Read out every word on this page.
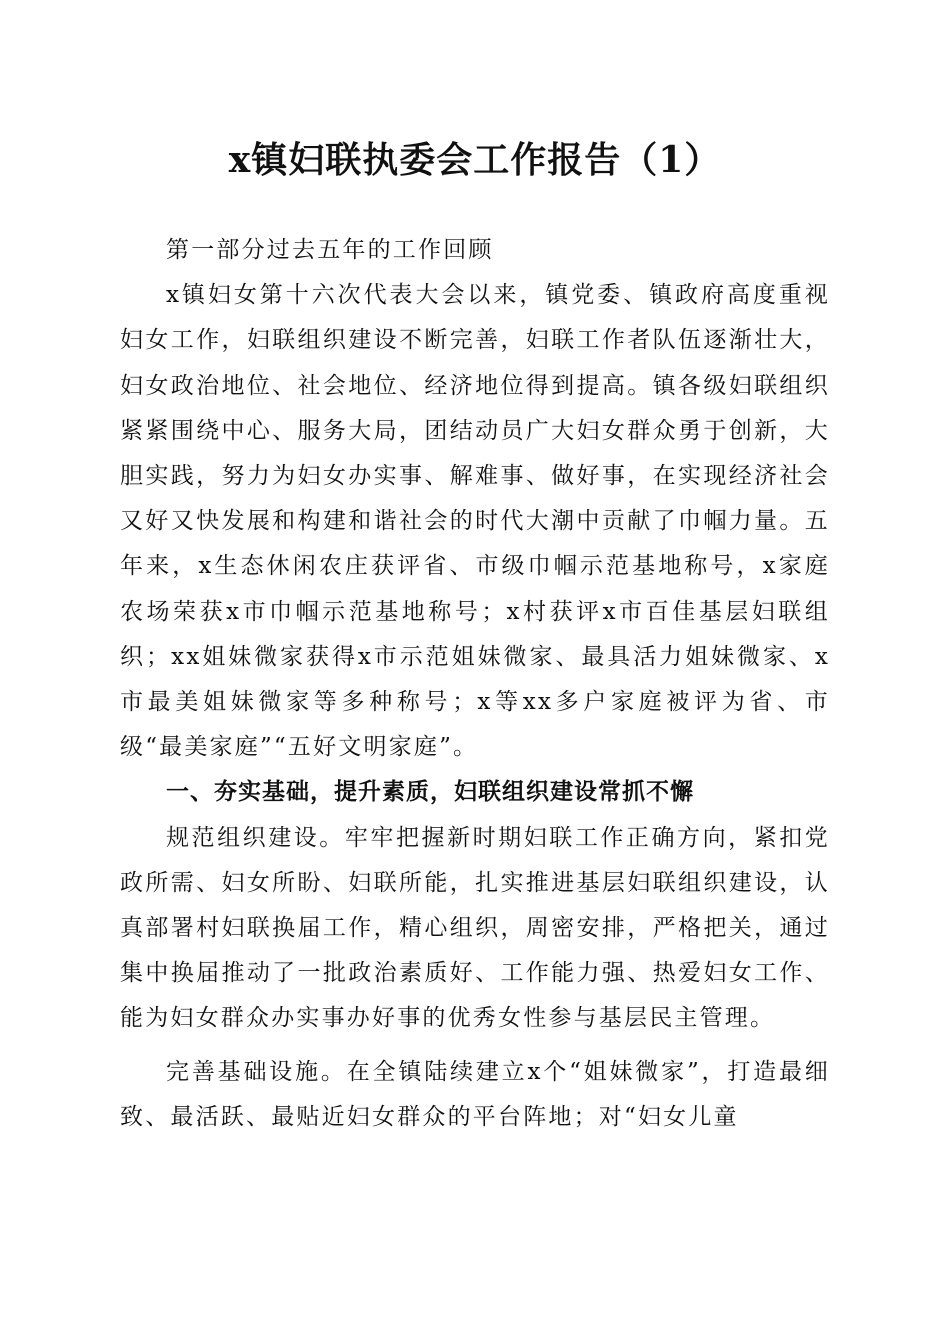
x镇妇联执委会工作报告（1）

第一部分过去五年的工作回顾

x镇妇女第十六次代表大会以来，镇党委、镇政府高度重视妇女工作，妇联组织建设不断完善，妇联工作者队伍逐渐壮大，妇女政治地位、社会地位、经济地位得到提高。镇各级妇联组织紧紧围绕中心、服务大局，团结动员广大妇女群众勇于创新，大胆实践，努力为妇女办实事、解难事、做好事，在实现经济社会又好又快发展和构建和谐社会的时代大潮中贡献了巾帼力量。五年来，x生态休闲农庄获评省、市级巾帼示范基地称号，x家庭农场荣获x市巾帼示范基地称号；x村获评x市百佳基层妇联组织；xx姐妹微家获得x市示范姐妹微家、最具活力姐妹微家、x市最美姐妹微家等多种称号；x等xx多户家庭被评为省、市级“最美家庭”“五好文明家庭”。

一、夯实基础，提升素质，妇联组织建设常抓不懈

规范组织建设。牢牢把握新时期妇联工作正确方向，紧扣党政所需、妇女所盼、妇联所能，扎实推进基层妇联组织建设，认真部署村妇联换届工作，精心组织，周密安排，严格把关，通过集中换届推动了一批政治素质好、工作能力强、热爱妇女工作、能为妇女群众办实事办好事的优秀女性参与基层民主管理。

完善基础设施。在全镇陆续建立x个“姐妹微家”，打造最细致、最活跃、最贴近妇女群众的平台阵地；对“妇女儿童
